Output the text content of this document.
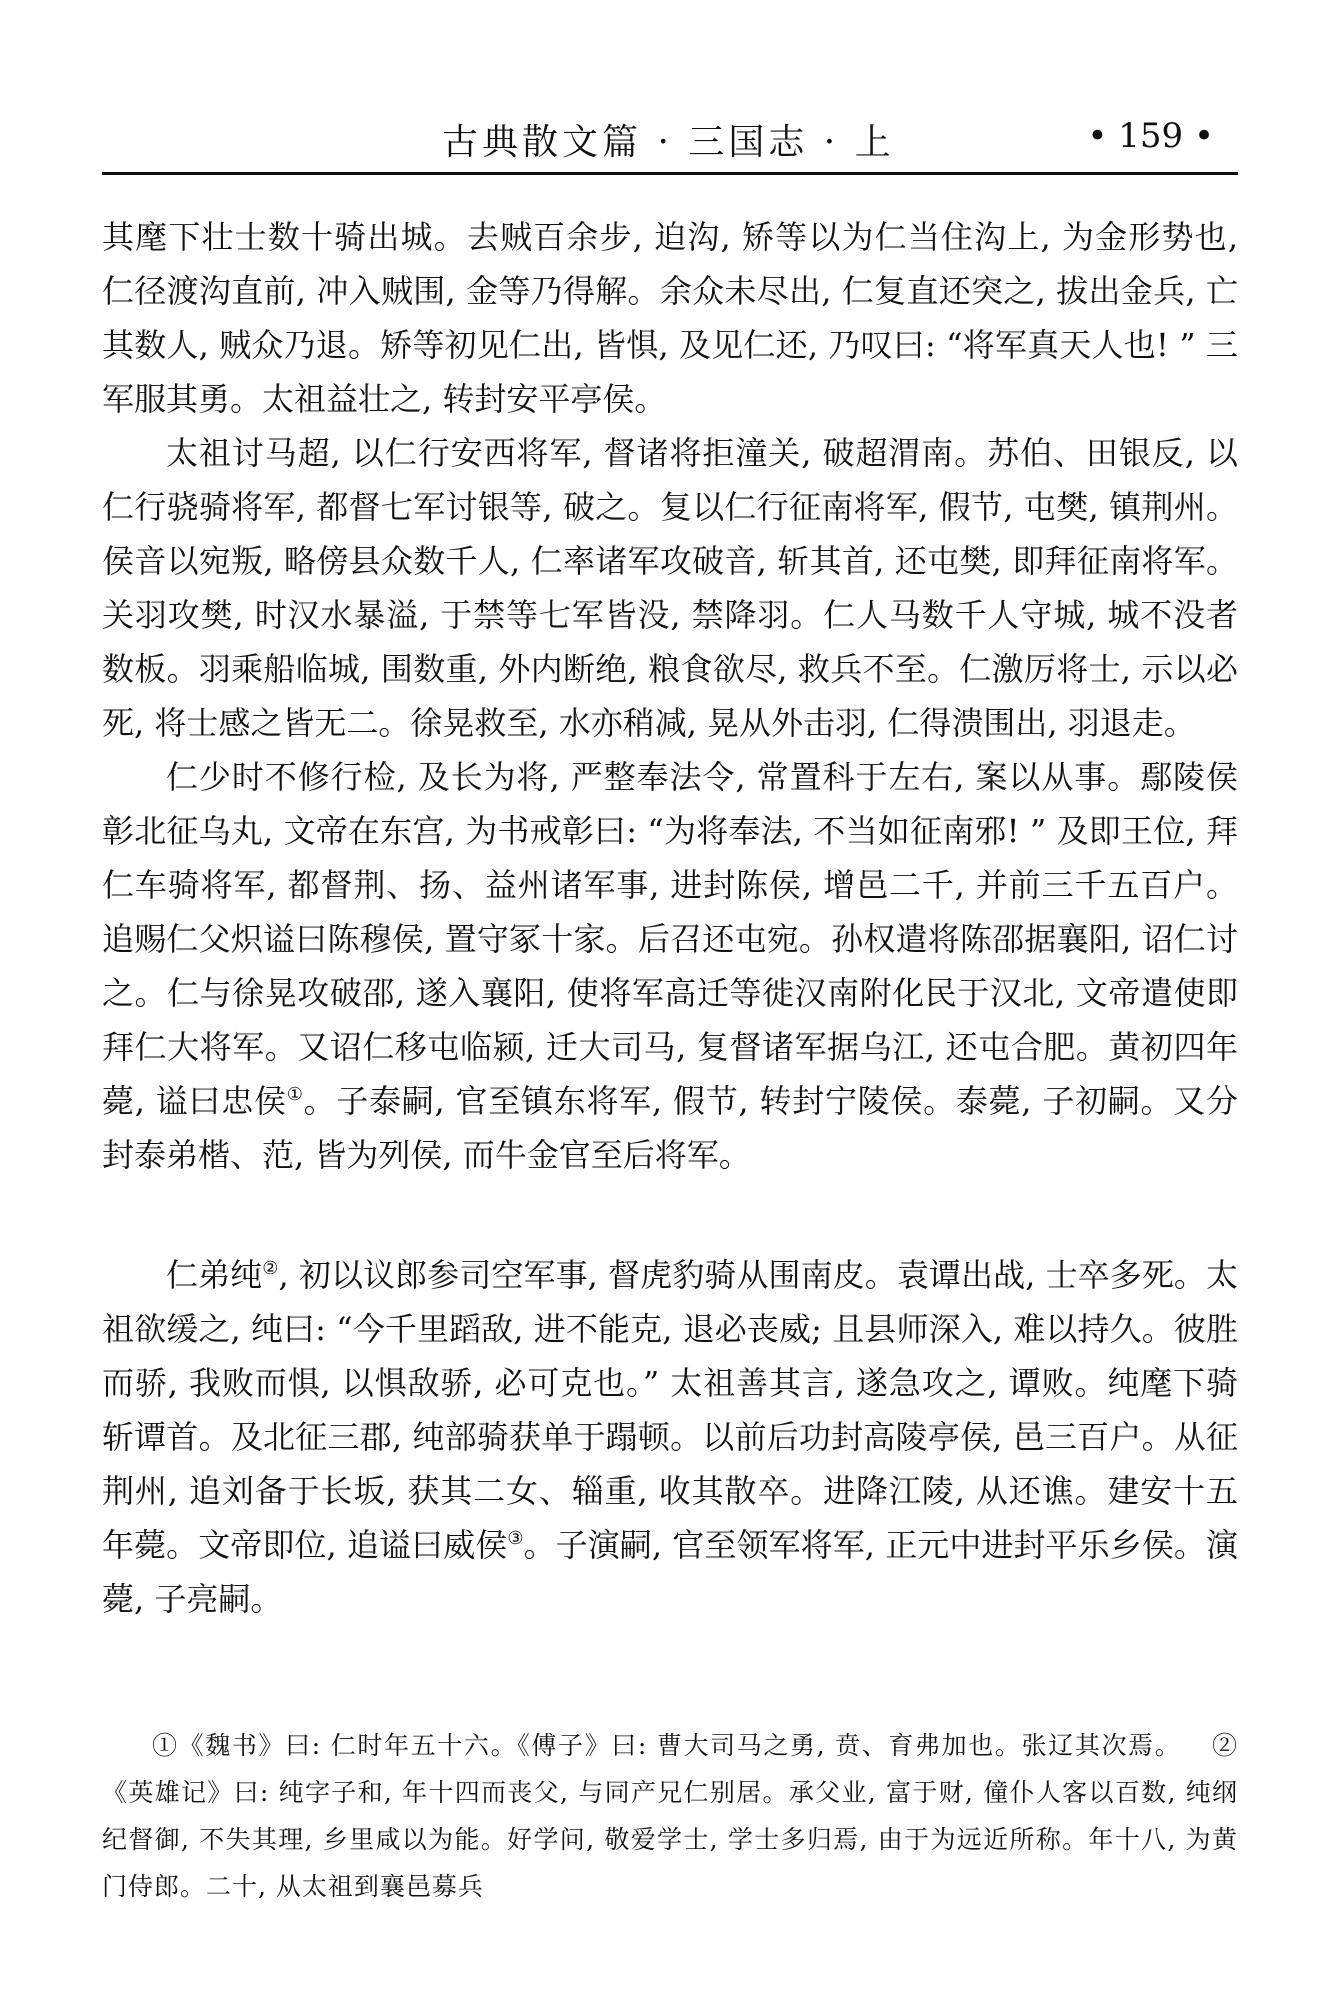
古典散文篇 · 三国志 · 上	• 159 •

其麾下壮士数十骑出城。去贼百余步, 迫沟, 矫等以为仁当住沟上, 为金形势也, 仁径渡沟直前, 冲入贼围, 金等乃得解。余众未尽出, 仁复直还突之, 拔出金兵, 亡其数人, 贼众乃退。矫等初见仁出, 皆惧, 及见仁还, 乃叹曰: “将军真天人也! ” 三军服其勇。太祖益壮之, 转封安平亭侯。

太祖讨马超, 以仁行安西将军, 督诸将拒潼关, 破超渭南。苏伯、田银反, 以仁行骁骑将军, 都督七军讨银等, 破之。复以仁行征南将军, 假节, 屯樊, 镇荆州。侯音以宛叛, 略傍县众数千人, 仁率诸军攻破音, 斩其首, 还屯樊, 即拜征南将军。关羽攻樊, 时汉水暴溢, 于禁等七军皆没, 禁降羽。仁人马数千人守城, 城不没者数板。羽乘船临城, 围数重, 外内断绝, 粮食欲尽, 救兵不至。仁激厉将士, 示以必死, 将士感之皆无二。徐晃救至, 水亦稍减, 晃从外击羽, 仁得溃围出, 羽退走。

仁少时不修行检, 及长为将, 严整奉法令, 常置科于左右, 案以从事。鄢陵侯彰北征乌丸, 文帝在东宫, 为书戒彰曰: “为将奉法, 不当如征南邪! ” 及即王位, 拜仁车骑将军, 都督荆、扬、益州诸军事, 进封陈侯, 增邑二千, 并前三千五百户。追赐仁父炽谥曰陈穆侯, 置守冢十家。后召还屯宛。孙权遣将陈邵据襄阳, 诏仁讨之。仁与徐晃攻破邵, 遂入襄阳, 使将军高迁等徙汉南附化民于汉北, 文帝遣使即拜仁大将军。又诏仁移屯临颍, 迁大司马, 复督诸军据乌江, 还屯合肥。黄初四年薨, 谥曰忠侯①。子泰嗣, 官至镇东将军, 假节, 转封宁陵侯。泰薨, 子初嗣。又分封泰弟楷、范, 皆为列侯, 而牛金官至后将军。

仁弟纯②, 初以议郎参司空军事, 督虎豹骑从围南皮。袁谭出战, 士卒多死。太祖欲缓之, 纯曰: “今千里蹈敌, 进不能克, 退必丧威; 且县师深入, 难以持久。彼胜而骄, 我败而惧, 以惧敌骄, 必可克也。” 太祖善其言, 遂急攻之, 谭败。纯麾下骑斩谭首。及北征三郡, 纯部骑获单于蹋顿。以前后功封高陵亭侯, 邑三百户。从征荆州, 追刘备于长坂, 获其二女、辎重, 收其散卒。进降江陵, 从还谯。建安十五年薨。文帝即位, 追谥曰威侯③。子演嗣, 官至领军将军, 正元中进封平乐乡侯。演薨, 子亮嗣。

①《魏书》曰: 仁时年五十六。《傅子》曰: 曹大司马之勇, 贲、育弗加也。张辽其次焉。 ②《英雄记》曰: 纯字子和, 年十四而丧父, 与同产兄仁别居。承父业, 富于财, 僮仆人客以百数, 纯纲纪督御, 不失其理, 乡里咸以为能。好学问, 敬爱学士, 学士多归焉, 由于为远近所称。年十八, 为黄门侍郎。二十, 从太祖到襄邑募兵
